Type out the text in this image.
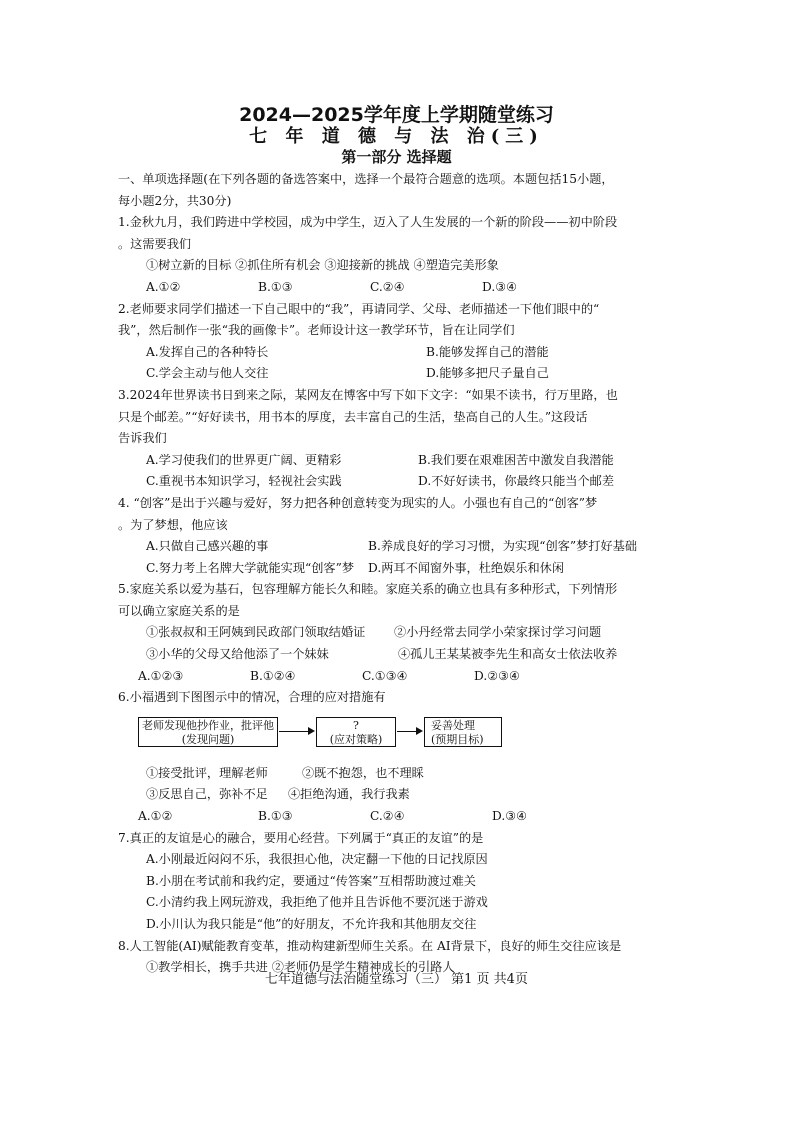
2024—2025学年度上学期随堂练习
七 年 道 德 与 法 治(三)
第一部分 选择题

一、单项选择题(在下列各题的备选答案中，选择一个最符合题意的选项。本题包括15小题，

每小题2分，共30分)

1.金秋九月，我们跨进中学校园，成为中学生，迈入了人生发展的一个新的阶段——初中阶段

。这需要我们

①树立新的目标 ②抓住所有机会 ③迎接新的挑战 ④塑造完美形象

A.①②	B.①③	C.②④	D.③④

2.老师要求同学们描述一下自己眼中的“我”，再请同学、父母、老师描述一下他们眼中的“

我”，然后制作一张“我的画像卡”。老师设计这一教学环节，旨在让同学们

A.发挥自己的各种特长	B.能够发挥自己的潜能
C.学会主动与他人交往	D.能够多把尺子量自己

3.2024年世界读书日到来之际，某网友在博客中写下如下文字：“如果不读书，行万里路，也

只是个邮差。”“好好读书，用书本的厚度，去丰富自己的生活，垫高自己的人生。”这段话

告诉我们

A.学习使我们的世界更广阔、更精彩	B.我们要在艰难困苦中激发自我潜能
C.重视书本知识学习，轻视社会实践	D.不好好读书，你最终只能当个邮差

4. “创客”是出于兴趣与爱好，努力把各种创意转变为现实的人。小强也有自己的“创客”梦

。为了梦想，他应该

A.只做自己感兴趣的事	B.养成良好的学习习惯，为实现“创客”梦打好基础
C.努力考上名牌大学就能实现“创客”梦	D.两耳不闻窗外事，杜绝娱乐和休闲

5.家庭关系以爱为基石，包容理解方能长久和睦。家庭关系的确立也具有多种形式，下列情形

可以确立家庭关系的是

①张叔叔和王阿姨到民政部门领取结婚证	②小丹经常去同学小荣家探讨学习问题
③小华的父母又给他添了一个妹妹	④孤儿王某某被李先生和高女士依法收养
A.①②③	B.①②④	C.①③④	D.②③④

6.小福遇到下图图示中的情况，合理的应对措施有

老师发现他抄作业，批评他
(发现问题)
?
(应对策略)
妥善处理
(预期目标)
①接受批评，理解老师	②既不抱怨，也不理睬
③反思自己，弥补不足	④拒绝沟通，我行我素
A.①②	B.①③	C.②④	D.③④

7.真正的友谊是心的融合，要用心经营。下列属于“真正的友谊”的是

A.小刚最近闷闷不乐，我很担心他，决定翻一下他的日记找原因

B.小朋在考试前和我约定，要通过“传答案”互相帮助渡过难关

C.小清约我上网玩游戏，我拒绝了他并且告诉他不要沉迷于游戏

D.小川认为我只能是“他”的好朋友，不允许我和其他朋友交往

8.人工智能(AI)赋能教育变革，推动构建新型师生关系。在 AI背景下，良好的师生交往应该是

①教学相长，携手共进 ②老师仍是学生精神成长的引路人

七年道德与法治随堂练习（三） 第1 页 共4页
